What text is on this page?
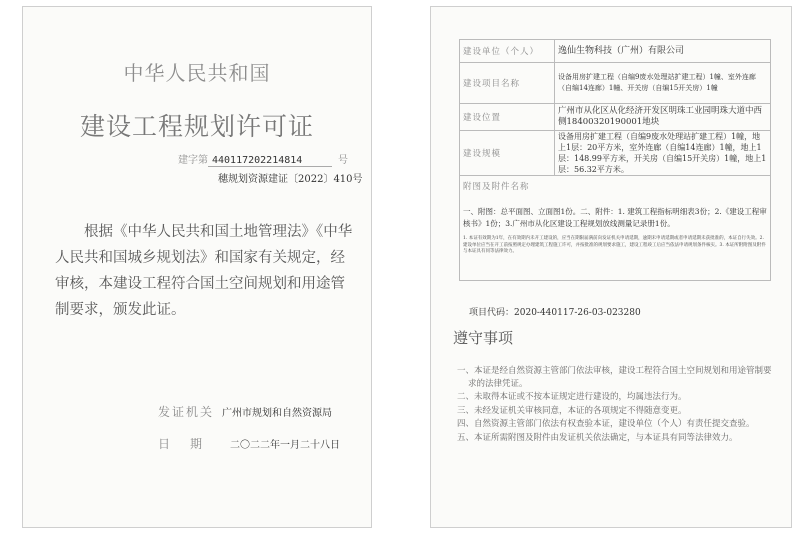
中华人民共和国
建设工程规划许可证
建字第 440117202214814	号
穗规划资源建证〔2022〕410号
根据《中华人民共和国土地管理法》《中华人民共和国城乡规划法》和国家有关规定，经审核，本建设工程符合国土空间规划和用途管制要求，颁发此证。
发证机关 广州市规划和自然资源局
日期 二〇二二年一月二十八日
建设单位（个人）	逸仙生物科技（广州）有限公司
建设项目名称	设备用房扩建工程（自编9废水处理站扩建工程）1幢、室外连廊（自编14连廊）1幢、开关房（自编15开关房）1幢
建设位置	广州市从化区从化经济开发区明珠工业园明珠大道中西侧18400320190001地块
建设规模	设备用房扩建工程（自编9废水处理站扩建工程）1幢，地上1层：20平方米，室外连廊（自编14连廊）1幢，地上1层：148.99平方米，开关房（自编15开关房）1幢，地上1层：56.32平方米。

附图及附件名称
一、附图：总平面图、立面图1份。二、附件：1. 建筑工程指标明细表3份；2.《建设工程审核书》1份；3.广州市从化区建设工程规划放线测量记录册1份。
1. 本证有效期为1年，在有效期内未开工建设的，应当在期限届满前向发证机关申请延期，逾期未申请延期或者申请延期未获批准的，本证自行失效。2. 建设单位应当在开工前按照规定办理建筑工程施工许可，并按批准的规划要求施工，建设工程竣工后应当依法申请规划条件核实。3. 本证所附附图及附件与本证具有同等法律效力。	
项目代码：2020-440117-26-03-023280
遵守事项
一、本证是经自然资源主管部门依法审核，建设工程符合国土空间规划和用途管制要求的法律凭证。
二、未取得本证或不按本证规定进行建设的，均属违法行为。
三、未经发证机关审核同意，本证的各项规定不得随意变更。
四、自然资源主管部门依法有权查验本证，建设单位（个人）有责任提交查验。
五、本证所需附图及附件由发证机关依法确定，与本证具有同等法律效力。
